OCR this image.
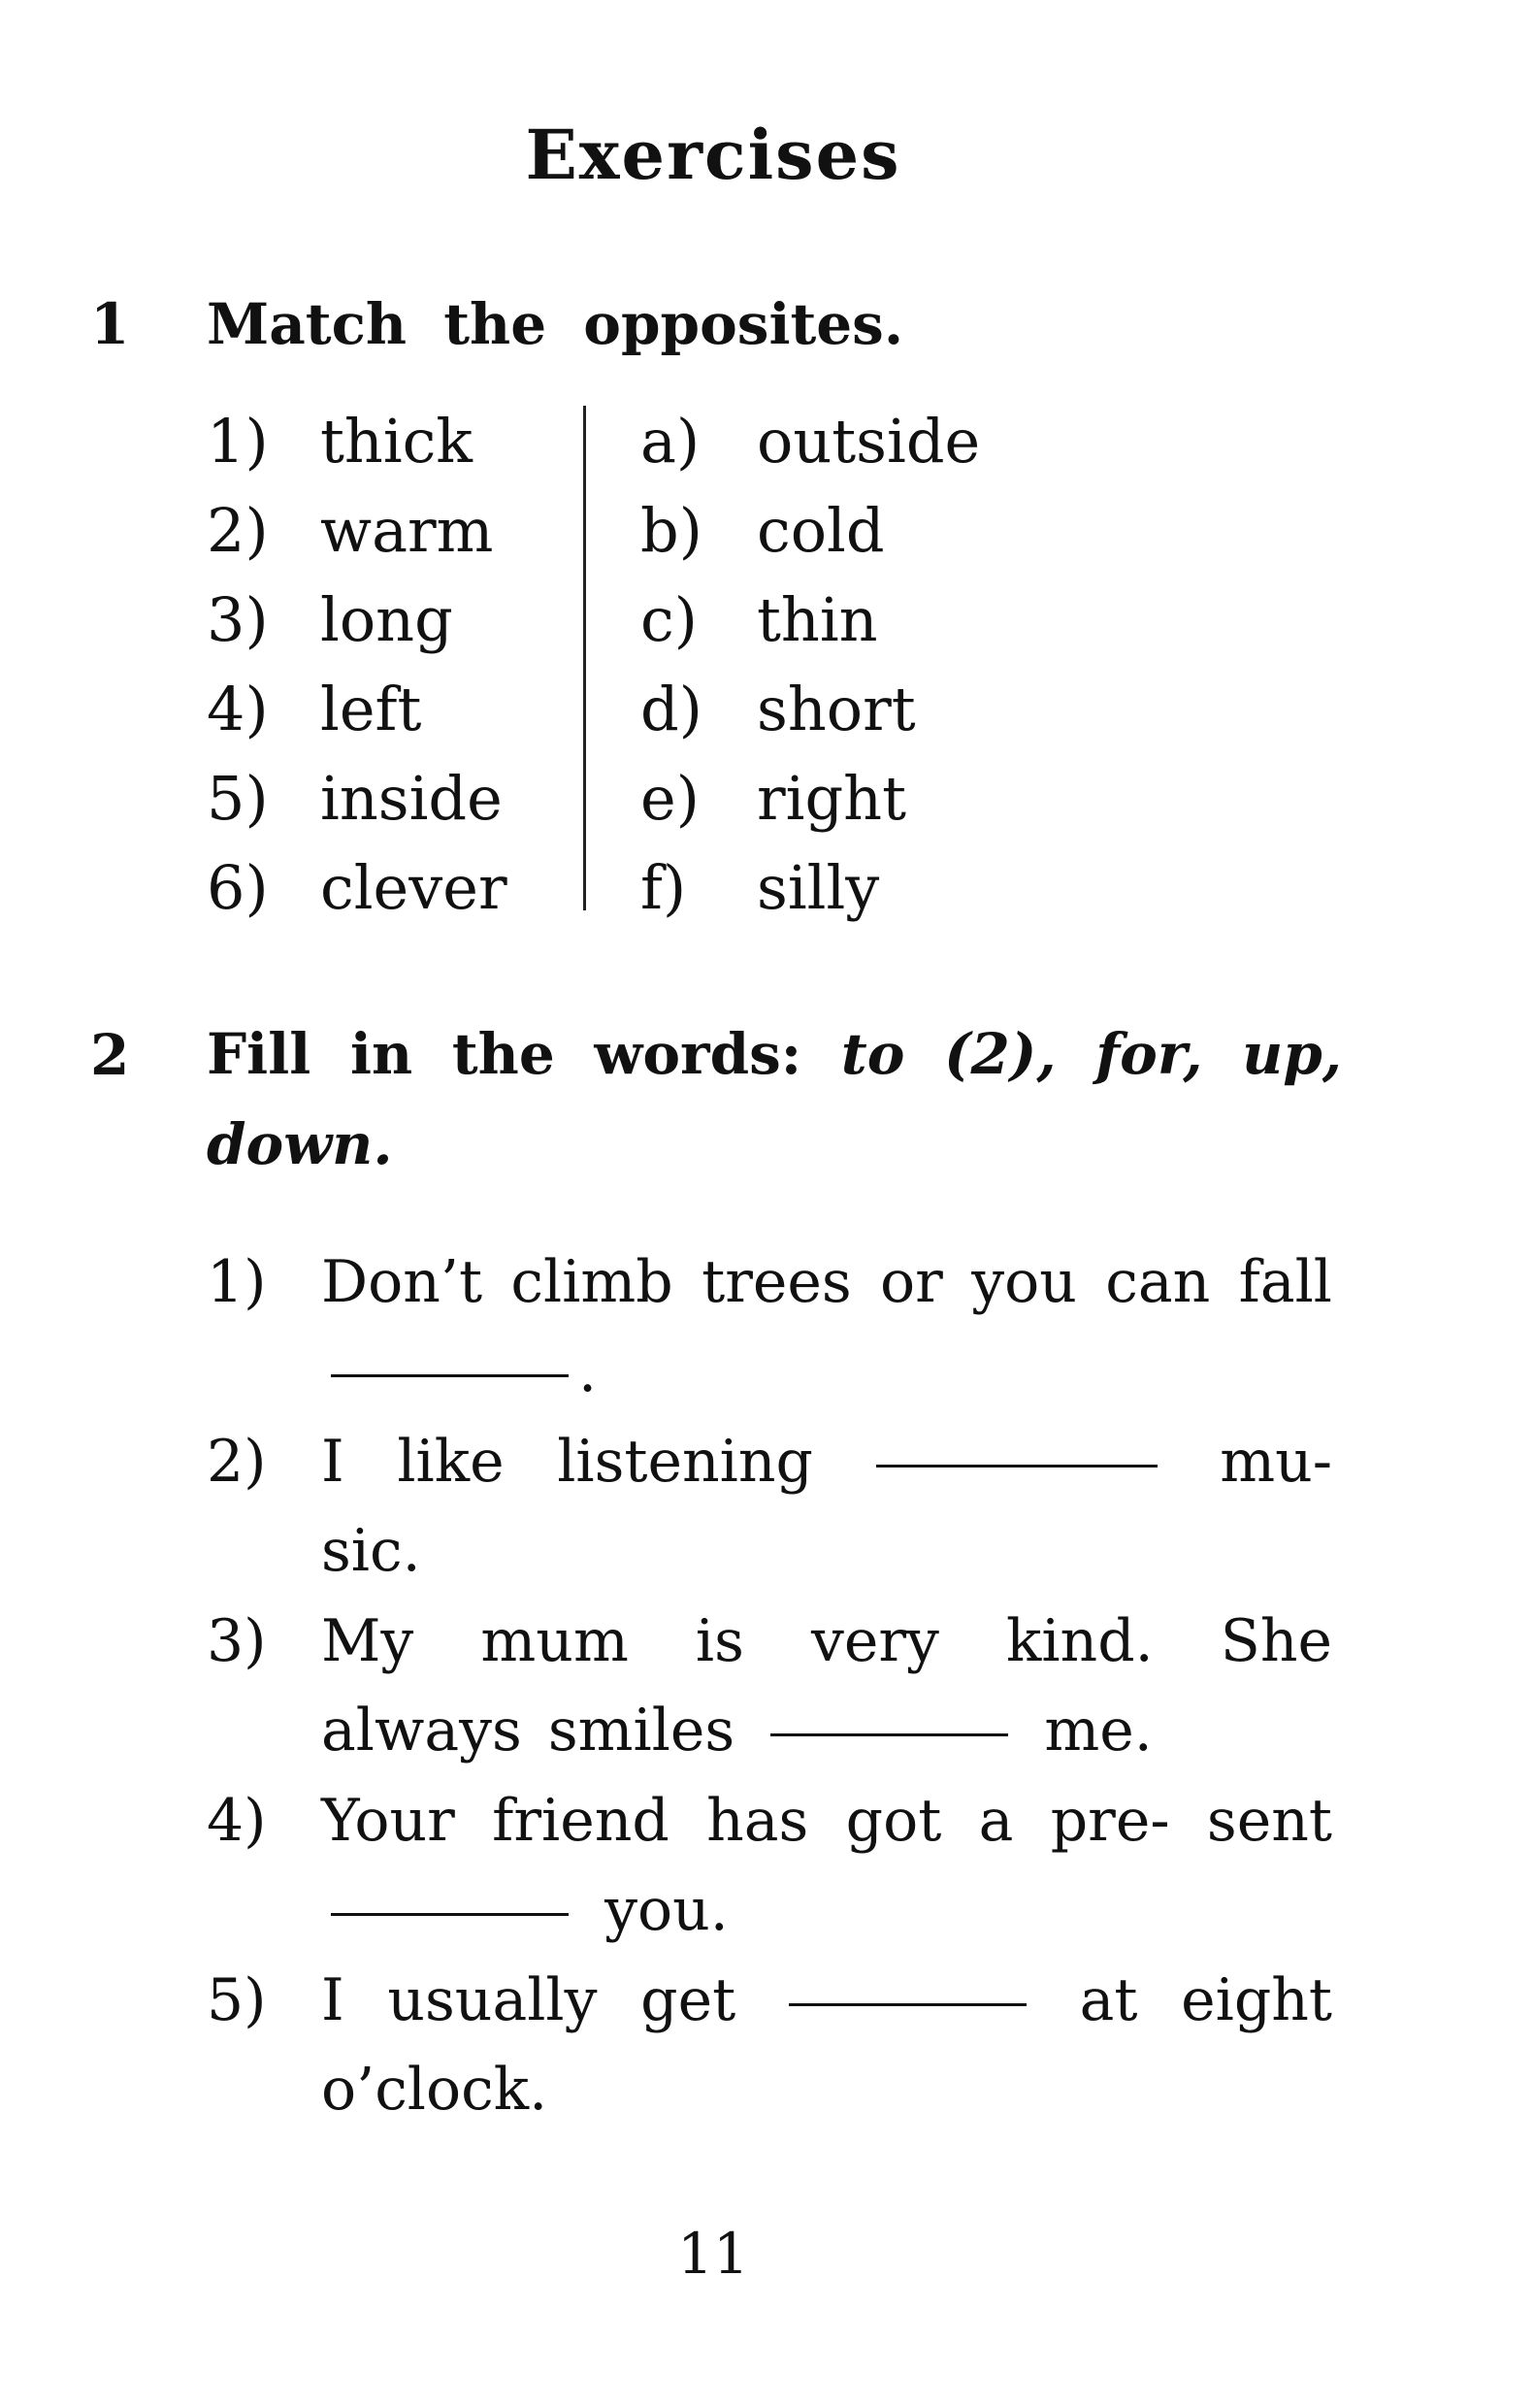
Exercises
1 Match the opposites.
1) thick	a) outside
2) warm b) cold
3) long	c) thin
4) left	d) short
5) inside e) right
6) clever f) silly
2 Fill in the words: to (2), for, up, down.
1) Don’t climb trees or you can fall .
2) I like listening	mu- sic.
3) My mum is very kind. She always smiles	me.
4) Your friend has got a pre- sent  you.
5) I usually get	at eight o’clock.
11
